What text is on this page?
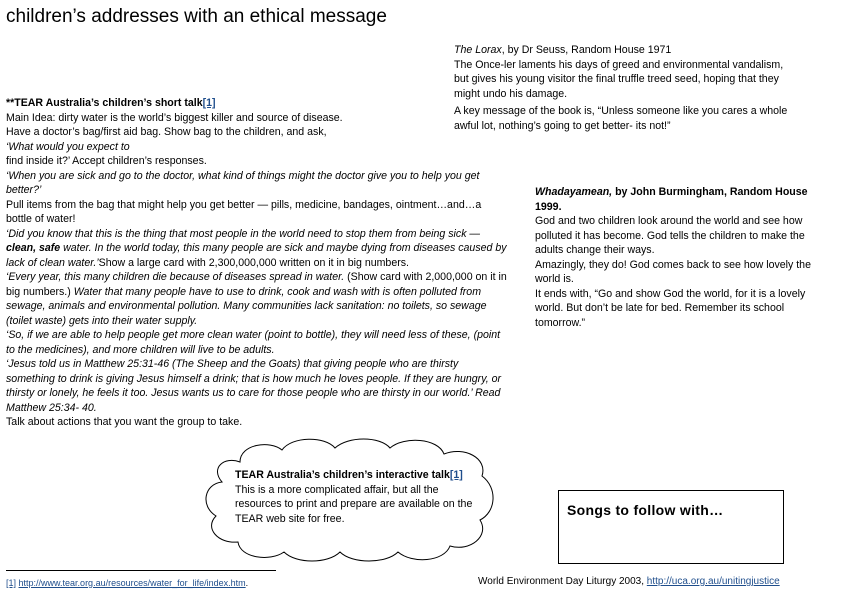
children’s addresses with an ethical message

The Lorax, by Dr Seuss, Random House 1971

The Once-ler laments his days of greed and environmental vandalism, but gives his young visitor the final truffle treed seed, hoping that they might undo his damage.

A key message of the book is, “Unless someone like you cares a whole awful lot, nothing’s going to get better- its not!”

**TEAR Australia’s children’s short talk[1]

Main Idea: dirty water is the world’s biggest killer and source of disease.

Have a doctor’s bag/first aid bag. Show bag to the children, and ask,

‘What would you expect to

find inside it?’ Accept children’s responses.

‘When you are sick and go to the doctor, what kind of things might the doctor give you to help you get better?’

Pull items from the bag that might help you get better — pills, medicine, bandages, ointment…and…a bottle of water!

‘Did you know that this is the thing that most people in the world need to stop them from being sick — clean, safe water. In the world today, this many people are sick and maybe dying from diseases caused by lack of clean water.’Show a large card with 2,300,000,000 written on it in big numbers.

‘Every year, this many children die because of diseases spread in water. (Show card with 2,000,000 on it in big numbers.) Water that many people have to use to drink, cook and wash with is often polluted from sewage, animals and environmental pollution. Many communities lack sanitation: no toilets, so sewage (toilet waste) gets into their water supply.

‘So, if we are able to help people get more clean water (point to bottle), they will need less of these, (point to the medicines), and more children will live to be adults.

‘Jesus told us in Matthew 25:31-46 (The Sheep and the Goats) that giving people who are thirsty something to drink is giving Jesus himself a drink; that is how much he loves people. If they are hungry, or thirsty or lonely, he feels it too. Jesus wants us to care for those people who are thirsty in our world.’ Read Matthew 25:34- 40.

Talk about actions that you want the group to take.

Whadayamean, by John Burmingham, Random House 1999.

God and two children look around the world and see how polluted it has become. God tells the children to make the adults change their ways.

Amazingly, they do! God comes back to see how lovely the world is.

It ends with, “Go and show God the world, for it is a lovely world. But don’t be late for bed. Remember its school tomorrow.”

TEAR Australia’s children’s interactive talk[1] This is a more complicated affair, but all the resources to print and prepare are available on the TEAR web site for free.

Songs to follow with…
[1] http://www.tear.org.au/resources/water_for_life/index.htm.	World Environment Day Liturgy 2003, http://uca.org.au/unitingjustice
